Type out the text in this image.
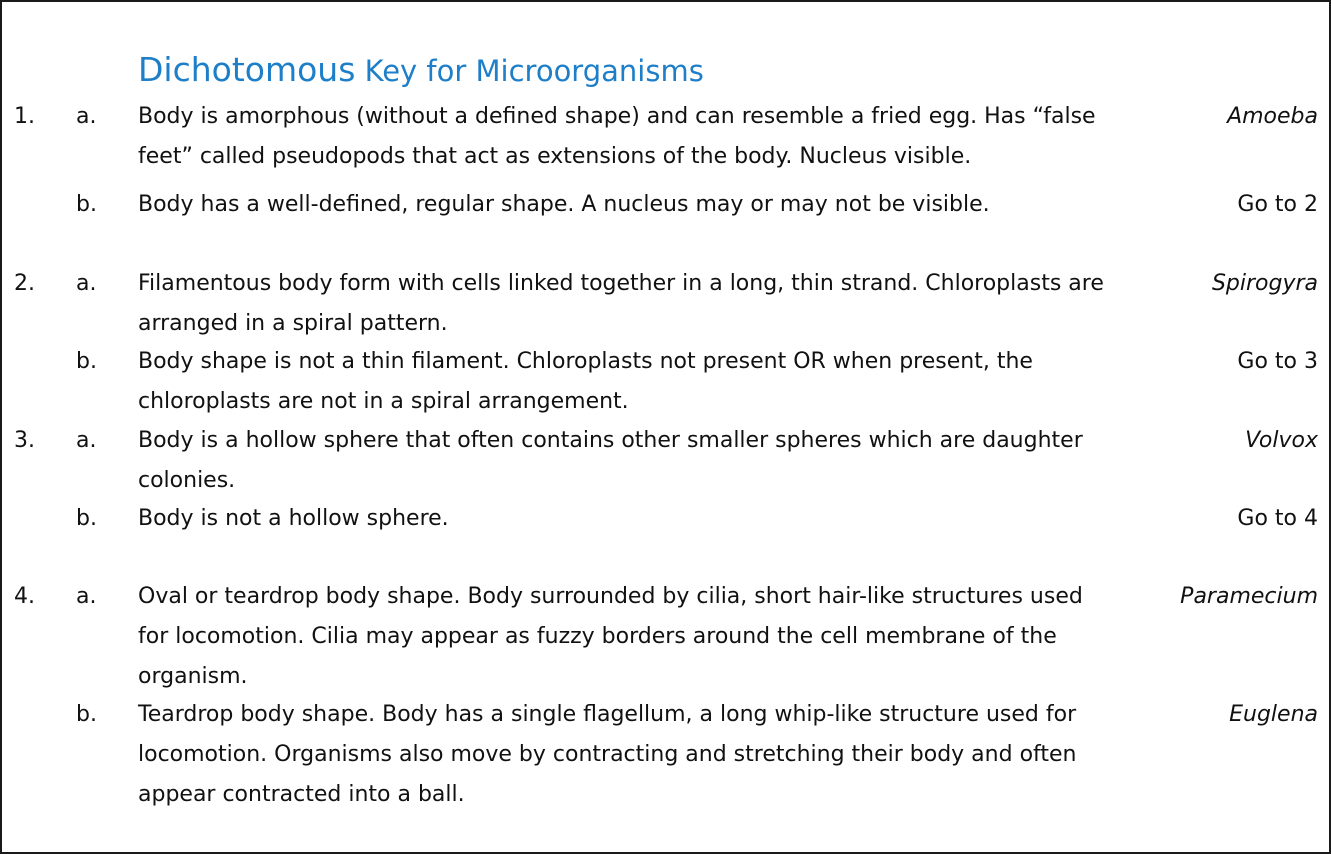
Dichotomous Key for Microorganisms
1. a. Body is amorphous (without a defined shape) and can resemble a fried egg. Has “false feet” called pseudopods that act as extensions of the body. Nucleus visible.
Amoeba
b. Body has a well-defined, regular shape. A nucleus may or may not be visible.	Go to 2
2. a. Filamentous body form with cells linked together in a long, thin strand. Chloroplasts are arranged in a spiral pattern.
Spirogyra
b. Body shape is not a thin filament. Chloroplasts not present OR when present, the chloroplasts are not in a spiral arrangement.
Go to 3
3. a. Body is a hollow sphere that often contains other smaller spheres which are daughter colonies.
Volvox
b. Body is not a hollow sphere.	Go to 4
4. a. Oval or teardrop body shape. Body surrounded by cilia, short hair-like structures used for locomotion. Cilia may appear as fuzzy borders around the cell membrane of the organism.
Paramecium
b. Teardrop body shape. Body has a single flagellum, a long whip-like structure used for locomotion. Organisms also move by contracting and stretching their body and often appear contracted into a ball.
Euglena
